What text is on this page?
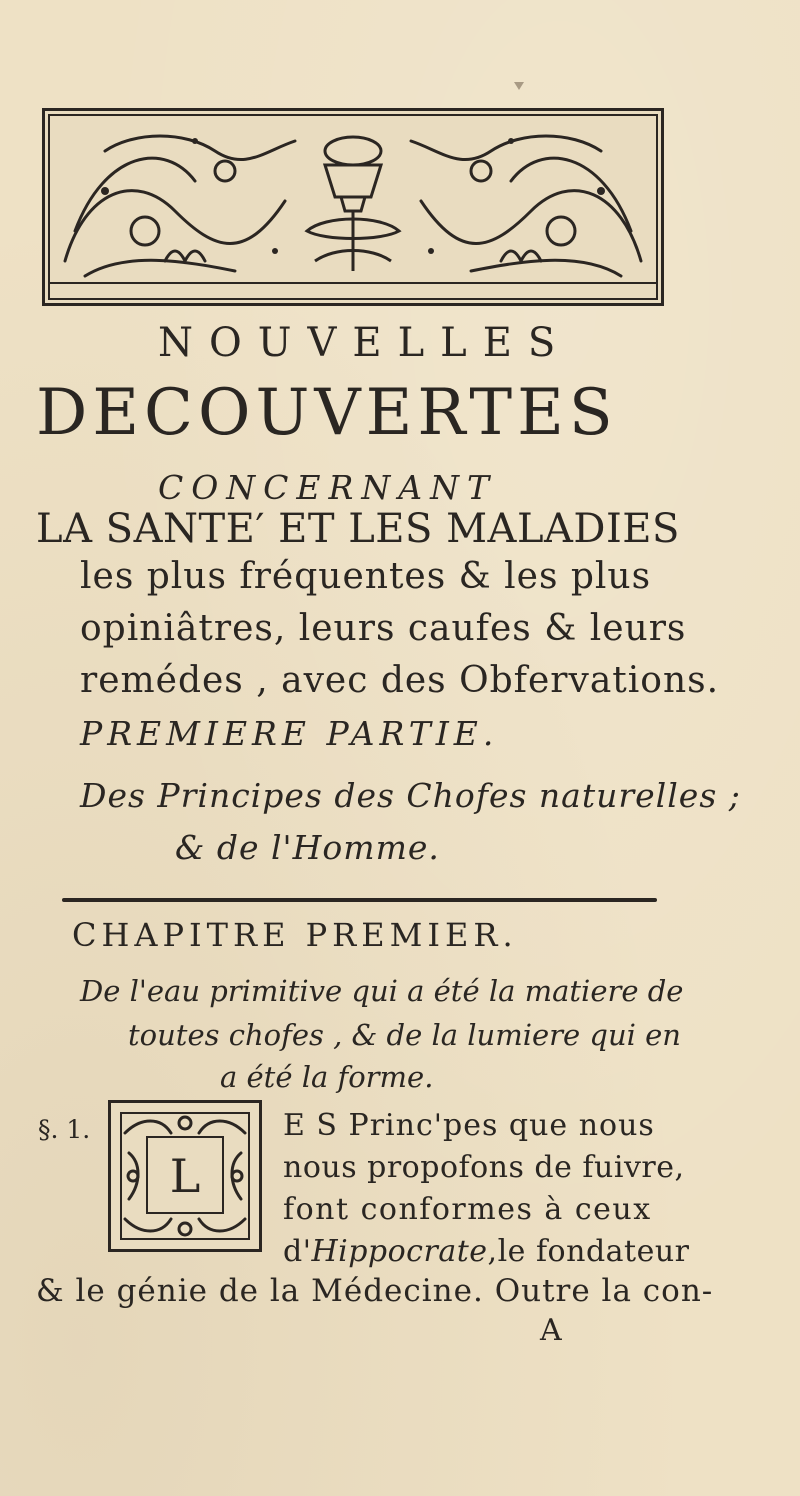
NOUVELLES
DECOUVERTES
CONCERNANT
LA SANTE′ ET LES MALADIES
les plus fréquentes & les plus
opiniâtres, leurs caufes & leurs
remédes , avec des Obfervations.
PREMIERE PARTIE.
Des Principes des Chofes naturelles ;
& de l'Homme.
CHAPITRE PREMIER.
De l'eau primitive qui a été la matiere de
toutes chofes , & de la lumiere qui en
a été la forme.
§. 1.
L
E S Princ'pes que nous
nous propofons de fuivre,
font conformes à ceux
d'Hippocrate,le fondateur
& le génie de la Médecine. Outre la con-
A
